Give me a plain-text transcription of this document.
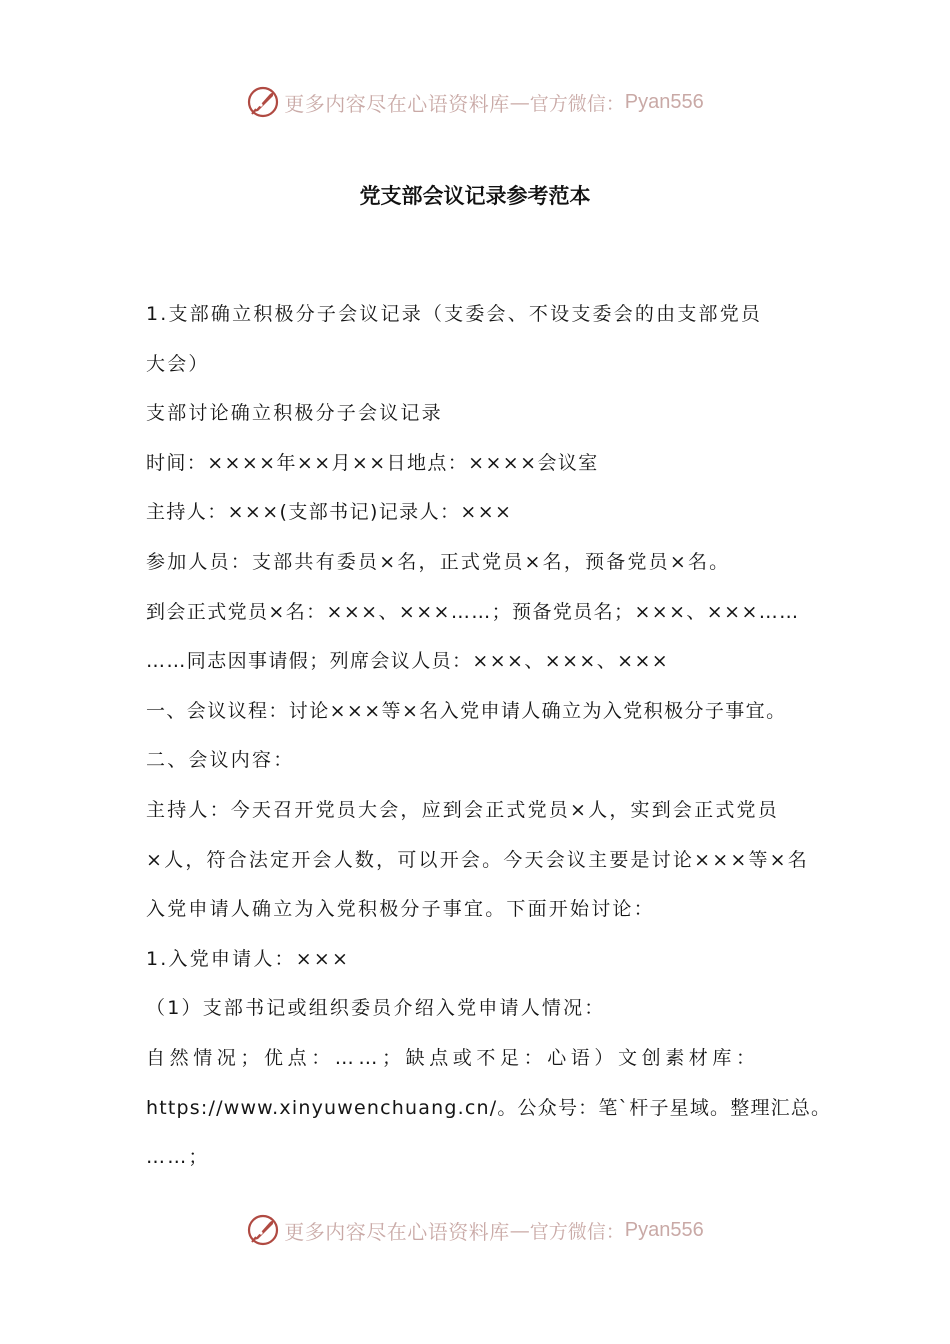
更多内容尽在心语资料库 — 官方微信： Pyan556
党支部会议记录参考范本
1.支部确立积极分子会议记录（支委会、不设支委会的由支部党员
大会）
支部讨论确立积极分子会议记录
时间：××××年××月××日地点：××××会议室
主持人：×××(支部书记)记录人：×××
参加人员：支部共有委员×名，正式党员×名，预备党员×名。
到会正式党员×名：×××、×××……；预备党员名；×××、×××……
……同志因事请假；列席会议人员：×××、×××、×××
一、会议议程：讨论×××等×名入党申请人确立为入党积极分子事宜。
二、会议内容：
主持人：今天召开党员大会，应到会正式党员×人，实到会正式党员
×人，符合法定开会人数，可以开会。今天会议主要是讨论×××等×名
入党申请人确立为入党积极分子事宜。下面开始讨论：
1.入党申请人：×××
（1）支部书记或组织委员介绍入党申请人情况：
自然情况；优点：……；缺点或不足：心语）文创素材库：
https://www.xinyuwenchuang.cn/。公众号：笔`杆子星域。整理汇总。
……；
更多内容尽在心语资料库 — 官方微信： Pyan556
